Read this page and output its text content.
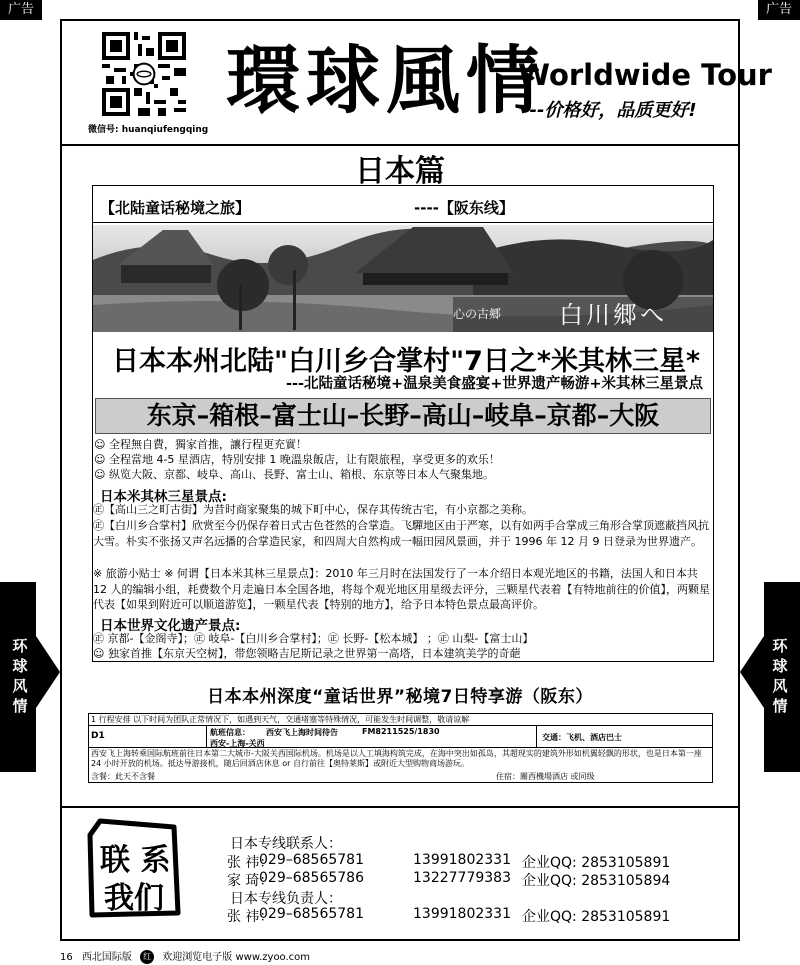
广告	广告
微信号: huanqiufengqing
環球風情
Worldwide Tour
---价格好，品质更好!
日本篇
【北陆童话秘境之旅】	----【阪东线】
心の古郷 白川郷へ
日本本州北陆"白川乡合掌村"7日之*米其林三星*
---北陆童话秘境+温泉美食盛宴+世界遗产畅游+米其林三星景点
东京–箱根–富士山–长野–高山–岐阜–京都–大阪
☺ 全程無自費，獨家首推，讓行程更充實！
☺ 全程當地 4-5 星酒店，特別安排 1 晚溫泉飯店，让有限旅程，享受更多的欢乐！
☺ 纵览大阪、京都、岐阜、高山、長野、富士山、箱根、东京等日本人气聚集地。
日本米其林三星景点:
㊣【高山三之町古街】为昔时商家聚集的城下町中心，保存其传统古宅，有小京都之美称。
㊣【白川乡合掌村】欣赏至今仍保存着日式古色苍然的合掌造。飞驒地区由于严寒，以有如两手合掌成三角形合掌顶遮蔽挡风抗大雪。朴实不张扬又声名远播的合掌造民家，和四周大自然构成一幅田园风景画，并于 1996 年 12 月 9 日登录为世界遗产。
※ 旅游小贴士 ※ 何谓【日本米其林三星景点】：2010 年三月时在法国发行了一本介绍日本观光地区的书籍，法国人和日本共 12 人的编辑小组，耗费数个月走遍日本全国各地，将每个观光地区用星级去评分，三颗星代表着【有特地前往的价值】，两颗星代表【如果到附近可以顺道游览】，一颗星代表【特别的地方】，给予日本特色景点最高评价。
日本世界文化遗产景点:
㊣ 京都-【金阁寺】；㊣ 岐阜-【白川乡合掌村】；㊣ 长野-【松本城】 ；㊣ 山梨-【富士山】
☺ 独家首推【东京天空树】，带您领略吉尼斯记录之世界第一高塔，日本建筑美学的奇葩
环球风情
环球风情
日本本州深度“童话世界”秘境7日特享游（阪东）
1 行程安排 以下时间为团队正常情况下，如遇到天气，交通堵塞等特殊情况，可能发生时间调整，敬请谅解
D1	航班信息： 西安飞上海时间待告	FM8211525/1830
西安-上海-关西
交通：飞机、酒店巴士
西安飞上海转乘国际航班前往日本第二大城市-大阪关西国际机场。机场是以人工填海构筑完成，在海中突出如孤岛，其超现实的建筑外形如机翼轻飘的形状，也是日本第一座 24 小时开放的机场。抵达导游接机，随后回酒店休息 or 自行前往【奥特莱斯】或附近大型购物商场游玩。
含餐：此天不含餐	住宿：關西機場酒店 或同级
联 系
我们
日本专线联系人：
张 祎：
029–68565781	13991802331 企业QQ: 2853105891
家 琦：
029–68565786	13227779383 企业QQ: 2853105894
日本专线负责人：
张 祎：
029–68565781	13991802331 企业QQ: 2853105891
16 西北国际版 红 欢迎浏览电子版 www.zyoo.com
